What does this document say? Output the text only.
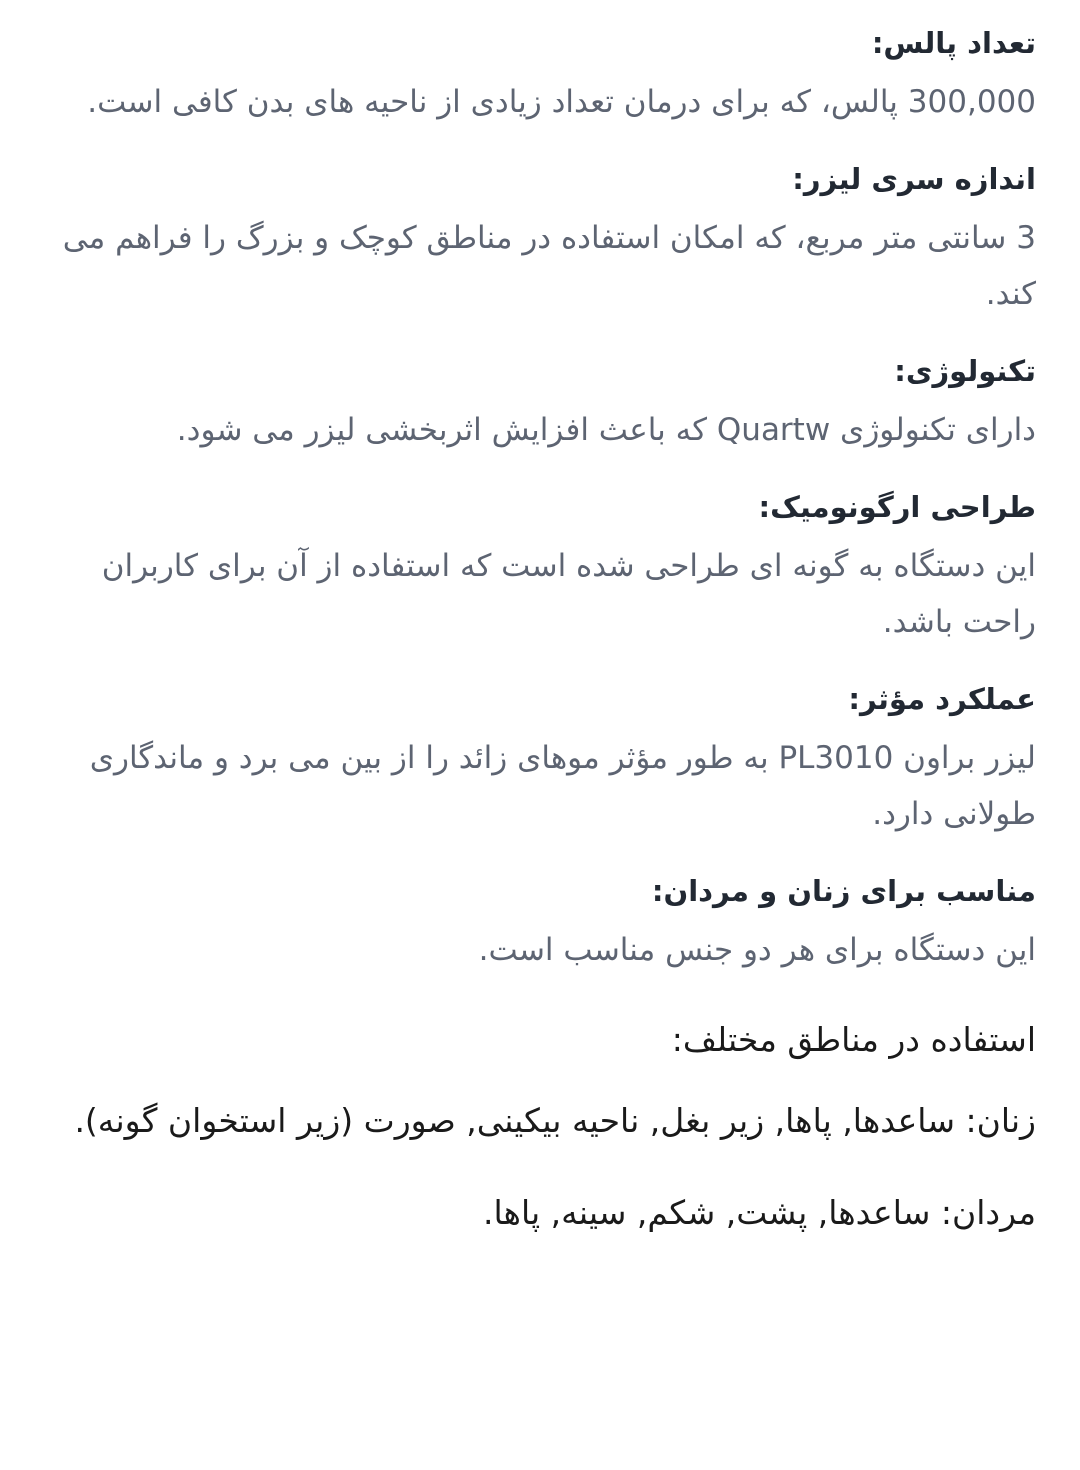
تعداد پالس:

300,000 پالس، که برای درمان تعداد زیادی از ناحیه های بدن کافی است.

اندازه سری لیزر:

3 سانتی متر مربع، که امکان استفاده در مناطق کوچک و بزرگ را فراهم می کند.

تکنولوژی:

دارای تکنولوژی Quartw که باعث افزایش اثربخشی لیزر می شود.

طراحی ارگونومیک:

این دستگاه به گونه ای طراحی شده است که استفاده از آن برای کاربران راحت باشد.

عملکرد مؤثر:

لیزر براون PL3010 به طور مؤثر موهای زائد را از بین می برد و ماندگاری طولانی دارد.

مناسب برای زنان و مردان:

این دستگاه برای هر دو جنس مناسب است.

استفاده در مناطق مختلف:

زنان: ساعدها, پاها, زیر بغل, ناحیه بیکینی, صورت (زیر استخوان گونه).

مردان: ساعدها, پشت, شکم, سینه, پاها.
